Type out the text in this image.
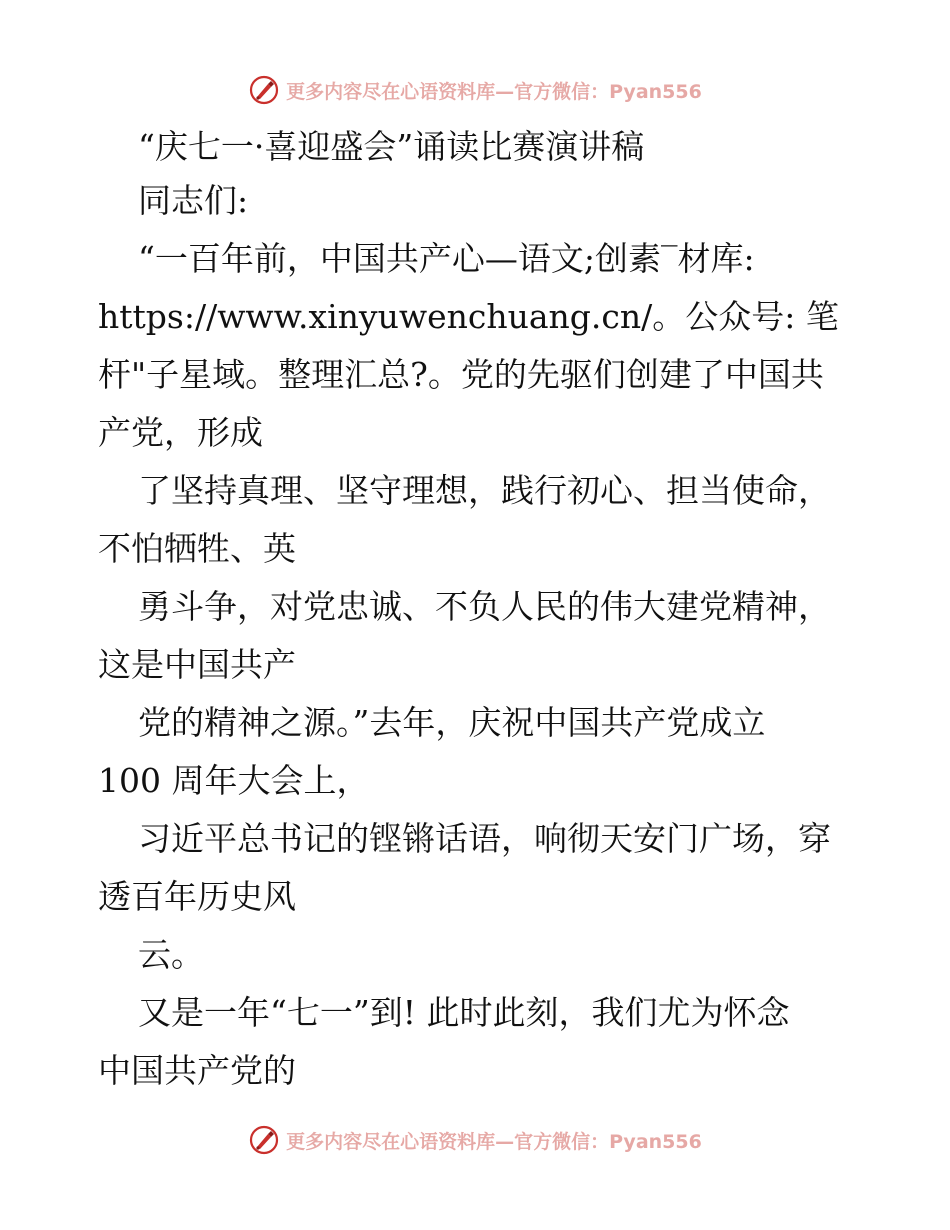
更多内容尽在心语资料库—官方微信：Pyan556
“庆七一·喜迎盛会”诵读比赛演讲稿
同志们:
“一百年前，中国共产心—语文;创素‾材库:
https://www.xinyuwenchuang.cn/。公众号: 笔
杆"子星域。整理汇总?。党的先驱们创建了中国共
产党，形成
了坚持真理、坚守理想，践行初心、担当使命，
不怕牺牲、英
勇斗争，对党忠诚、不负人民的伟大建党精神，
这是中国共产
党的精神之源。”去年，庆祝中国共产党成立
100 周年大会上，
习近平总书记的铿锵话语，响彻天安门广场，穿
透百年历史风
云。
又是一年“七一”到! 此时此刻，我们尤为怀念
中国共产党的
更多内容尽在心语资料库—官方微信：Pyan556
